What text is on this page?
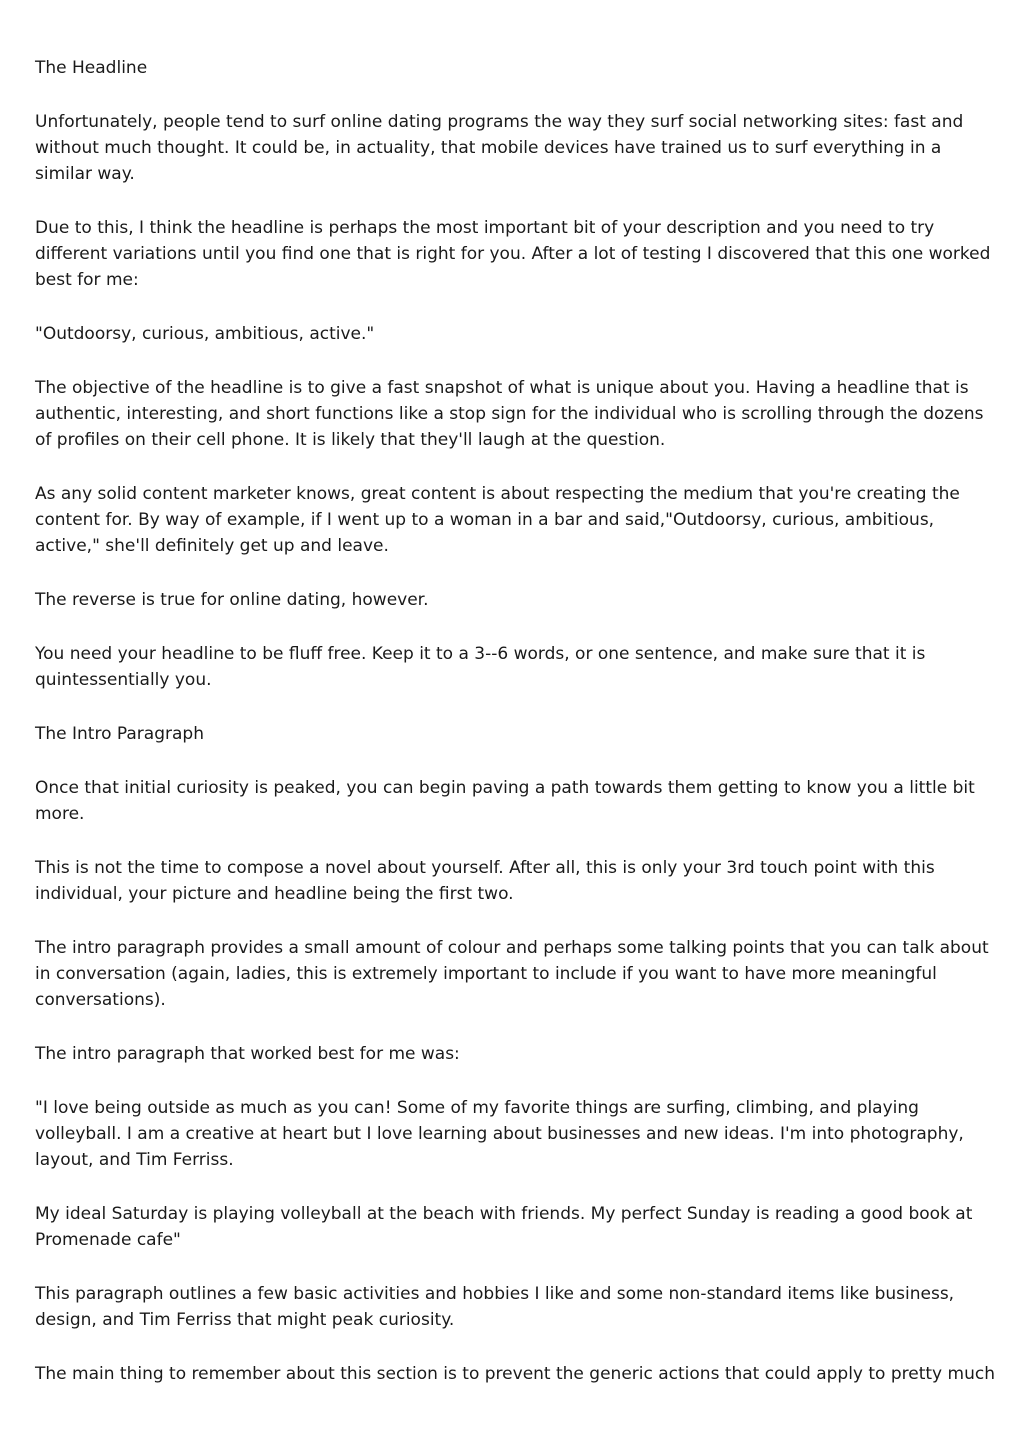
The Headline

Unfortunately, people tend to surf online dating programs the way they surf social networking sites: fast and without much thought. It could be, in actuality, that mobile devices have trained us to surf everything in a similar way.

Due to this, I think the headline is perhaps the most important bit of your description and you need to try different variations until you find one that is right for you. After a lot of testing I discovered that this one worked best for me:

"Outdoorsy, curious, ambitious, active."

The objective of the headline is to give a fast snapshot of what is unique about you. Having a headline that is authentic, interesting, and short functions like a stop sign for the individual who is scrolling through the dozens of profiles on their cell phone. It is likely that they'll laugh at the question.

As any solid content marketer knows, great content is about respecting the medium that you're creating the content for. By way of example, if I went up to a woman in a bar and said,"Outdoorsy, curious, ambitious, active," she'll definitely get up and leave.

The reverse is true for online dating, however.

You need your headline to be fluff free. Keep it to a 3--6 words, or one sentence, and make sure that it is quintessentially you.

The Intro Paragraph

Once that initial curiosity is peaked, you can begin paving a path towards them getting to know you a little bit more.

This is not the time to compose a novel about yourself. After all, this is only your 3rd touch point with this individual, your picture and headline being the first two.

The intro paragraph provides a small amount of colour and perhaps some talking points that you can talk about in conversation (again, ladies, this is extremely important to include if you want to have more meaningful conversations).

The intro paragraph that worked best for me was:

"I love being outside as much as you can! Some of my favorite things are surfing, climbing, and playing volleyball. I am a creative at heart but I love learning about businesses and new ideas. I'm into photography, layout, and Tim Ferriss.

My ideal Saturday is playing volleyball at the beach with friends. My perfect Sunday is reading a good book at Promenade cafe"

This paragraph outlines a few basic activities and hobbies I like and some non-standard items like business, design, and Tim Ferriss that might peak curiosity.

The main thing to remember about this section is to prevent the generic actions that could apply to pretty much
